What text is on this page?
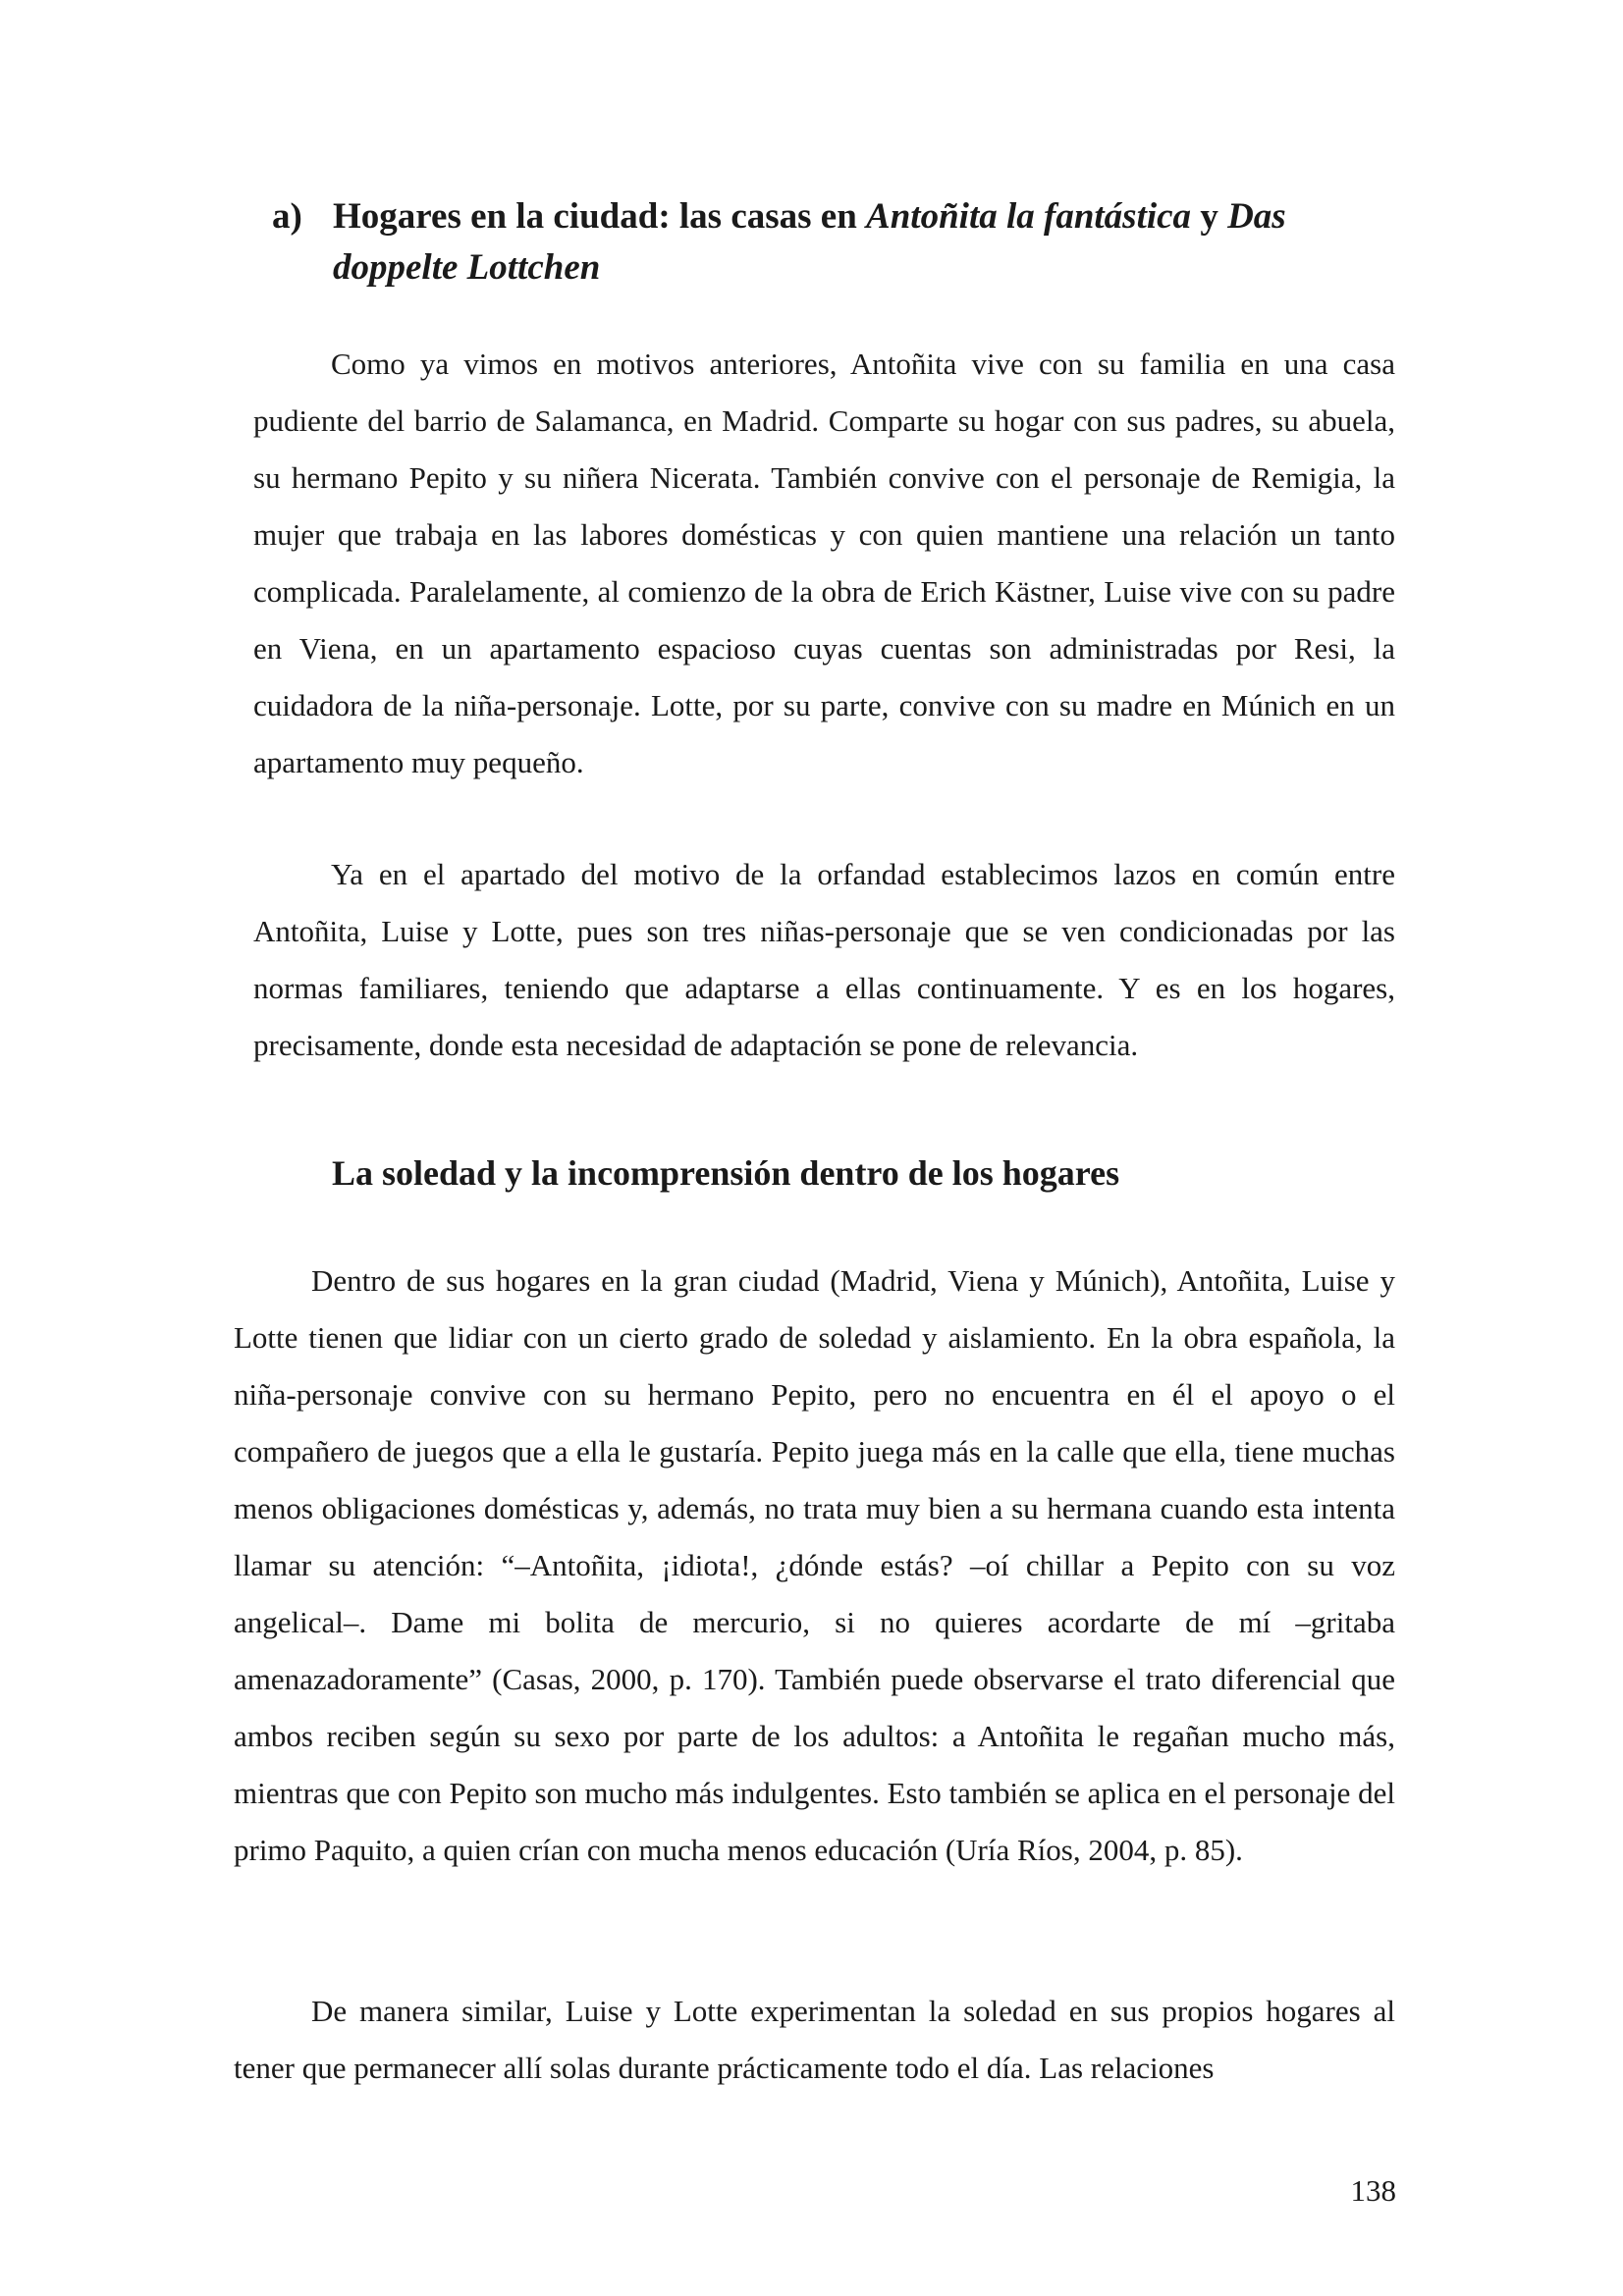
a) Hogares en la ciudad: las casas en Antoñita la fantástica y Das doppelte Lottchen

Como ya vimos en motivos anteriores, Antoñita vive con su familia en una casa pudiente del barrio de Salamanca, en Madrid. Comparte su hogar con sus padres, su abuela, su hermano Pepito y su niñera Nicerata. También convive con el personaje de Remigia, la mujer que trabaja en las labores domésticas y con quien mantiene una relación un tanto complicada. Paralelamente, al comienzo de la obra de Erich Kästner, Luise vive con su padre en Viena, en un apartamento espacioso cuyas cuentas son administradas por Resi, la cuidadora de la niña-personaje. Lotte, por su parte, convive con su madre en Múnich en un apartamento muy pequeño.

Ya en el apartado del motivo de la orfandad establecimos lazos en común entre Antoñita, Luise y Lotte, pues son tres niñas-personaje que se ven condicionadas por las normas familiares, teniendo que adaptarse a ellas continuamente. Y es en los hogares, precisamente, donde esta necesidad de adaptación se pone de relevancia.

La soledad y la incomprensión dentro de los hogares

Dentro de sus hogares en la gran ciudad (Madrid, Viena y Múnich), Antoñita, Luise y Lotte tienen que lidiar con un cierto grado de soledad y aislamiento. En la obra española, la niña-personaje convive con su hermano Pepito, pero no encuentra en él el apoyo o el compañero de juegos que a ella le gustaría. Pepito juega más en la calle que ella, tiene muchas menos obligaciones domésticas y, además, no trata muy bien a su hermana cuando esta intenta llamar su atención: “–Antoñita, ¡idiota!, ¿dónde estás? –oí chillar a Pepito con su voz angelical–. Dame mi bolita de mercurio, si no quieres acordarte de mí –gritaba amenazadoramente” (Casas, 2000, p. 170). También puede observarse el trato diferencial que ambos reciben según su sexo por parte de los adultos: a Antoñita le regañan mucho más, mientras que con Pepito son mucho más indulgentes. Esto también se aplica en el personaje del primo Paquito, a quien crían con mucha menos educación (Uría Ríos, 2004, p. 85).

De manera similar, Luise y Lotte experimentan la soledad en sus propios hogares al tener que permanecer allí solas durante prácticamente todo el día. Las relaciones

138
